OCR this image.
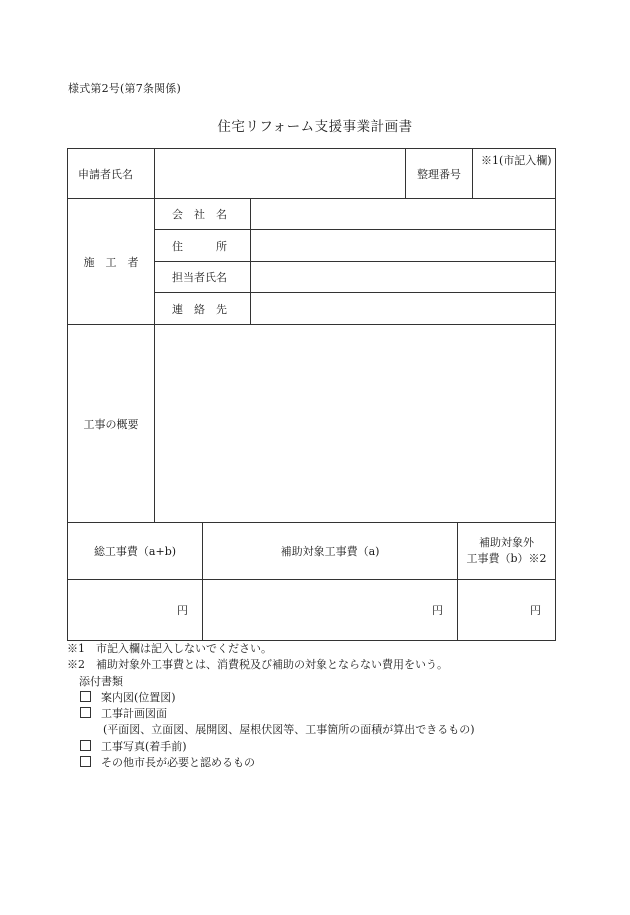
様式第2号(第7条関係)
住宅リフォーム支援事業計画書
申請者氏名				整理番号		※1(市記入欄)
施　工　者	会　社　名					
	住　　　所					
	担当者氏名					
	連　絡　先					
工事の概要						
総工事費（a+b)		補助対象工事費（a)			補助対象外
工事費（b）※2	

円		円			円	
※1　市記入欄は記入しないでください。
※2　補助対象外工事費とは、消費税及び補助の対象とならない費用をいう。
添付書類
案内図(位置図)
工事計画図面
(平面図、立面図、展開図、屋根伏図等、工事箇所の面積が算出できるもの)
工事写真(着手前)
その他市長が必要と認めるもの
